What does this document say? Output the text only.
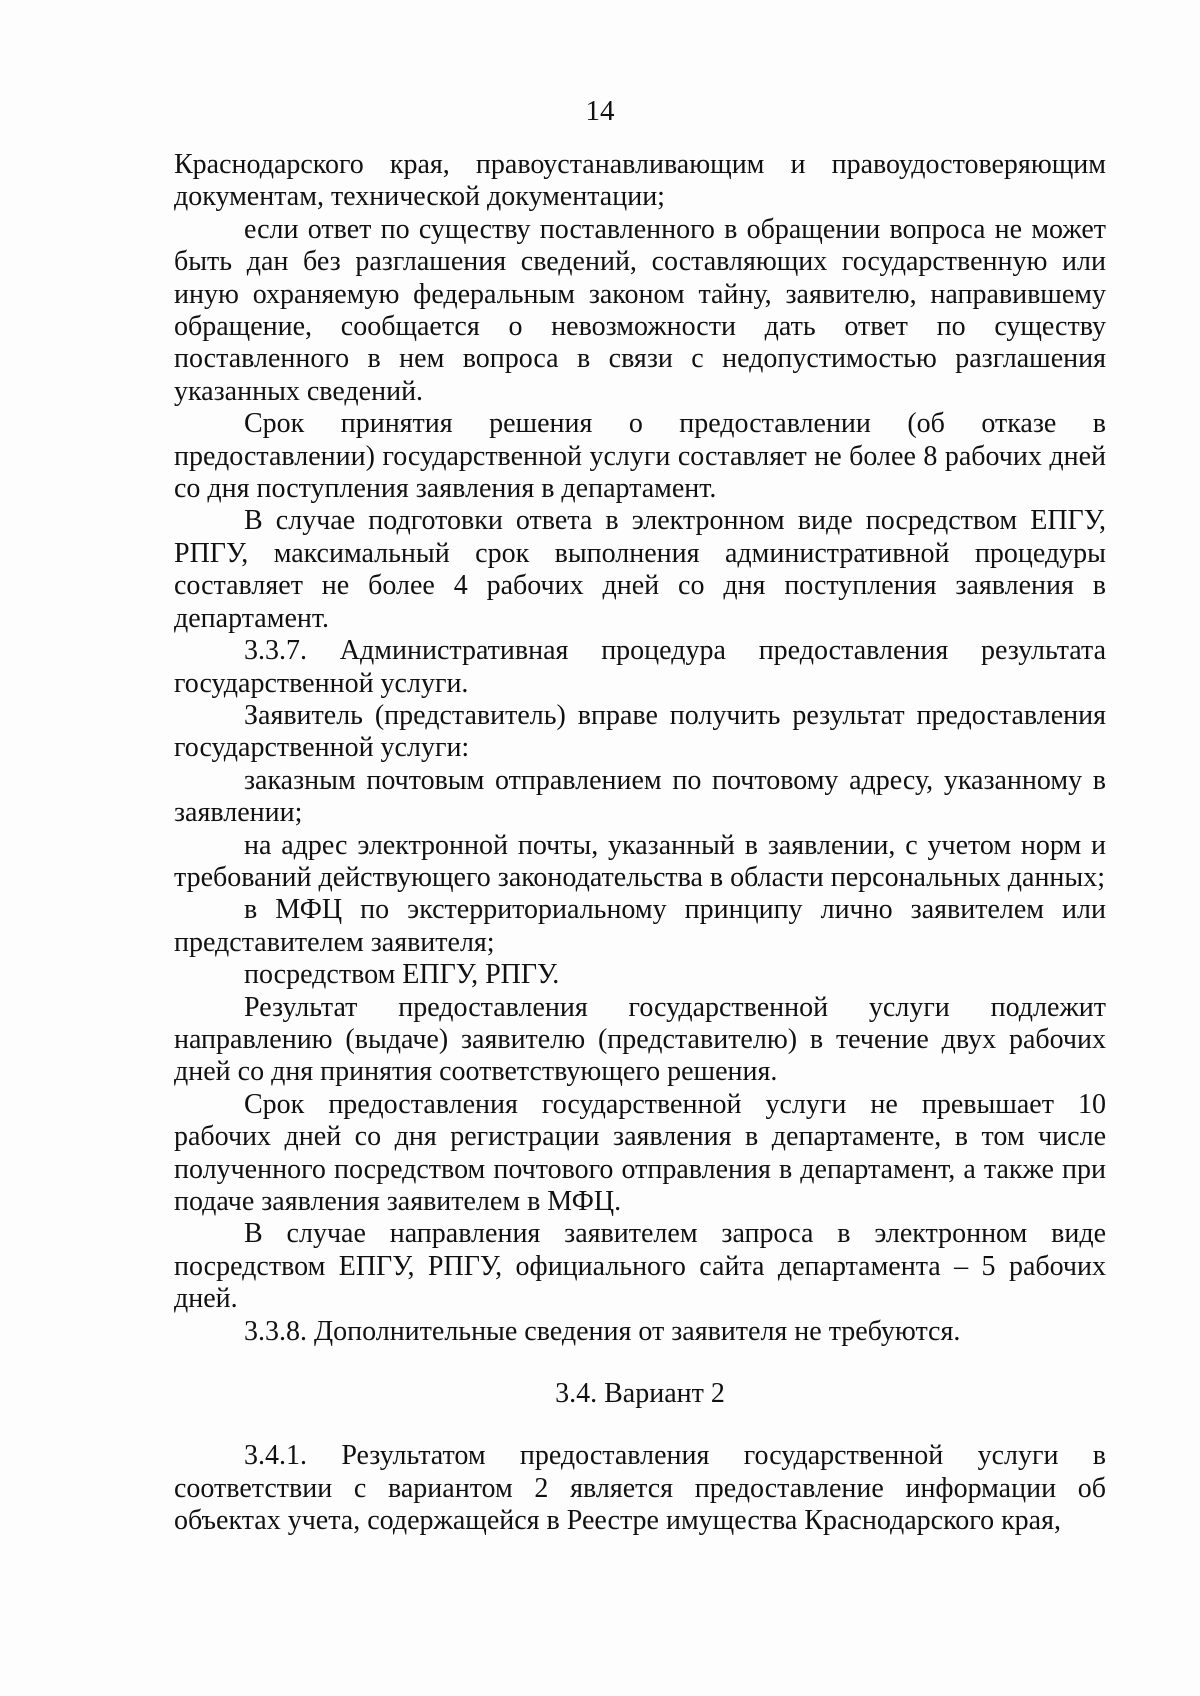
14

Краснодарского края, правоустанавливающим и правоудостоверяющим документам, технической документации;

если ответ по существу поставленного в обращении вопроса не может быть дан без разглашения сведений, составляющих государственную или иную охраняемую федеральным законом тайну, заявителю, направившему обращение, сообщается о невозможности дать ответ по существу поставленного в нем вопроса в связи с недопустимостью разглашения указанных сведений.

Срок принятия решения о предоставлении (об отказе в предоставлении) государственной услуги составляет не более 8 рабочих дней со дня поступления заявления в департамент.

В случае подготовки ответа в электронном виде посредством ЕПГУ, РПГУ, максимальный срок выполнения административной процедуры составляет не более 4 рабочих дней со дня поступления заявления в департамент.

3.3.7. Административная процедура предоставления результата государственной услуги.

Заявитель (представитель) вправе получить результат предоставления государственной услуги:

заказным почтовым отправлением по почтовому адресу, указанному в заявлении;

на адрес электронной почты, указанный в заявлении, с учетом норм и требований действующего законодательства в области персональных данных;

в МФЦ по экстерриториальному принципу лично заявителем или представителем заявителя;

посредством ЕПГУ, РПГУ.

Результат предоставления государственной услуги подлежит направлению (выдаче) заявителю (представителю) в течение двух рабочих дней со дня принятия соответствующего решения.

Срок предоставления государственной услуги не превышает 10 рабочих дней со дня регистрации заявления в департаменте, в том числе полученного посредством почтового отправления в департамент, а также при подаче заявления заявителем в МФЦ.

В случае направления заявителем запроса в электронном виде посредством ЕПГУ, РПГУ, официального сайта департамента – 5 рабочих дней.

3.3.8. Дополнительные сведения от заявителя не требуются.

3.4. Вариант 2

3.4.1. Результатом предоставления государственной услуги в соответствии с вариантом 2 является предоставление информации об объектах учета, содержащейся в Реестре имущества Краснодарского края,
